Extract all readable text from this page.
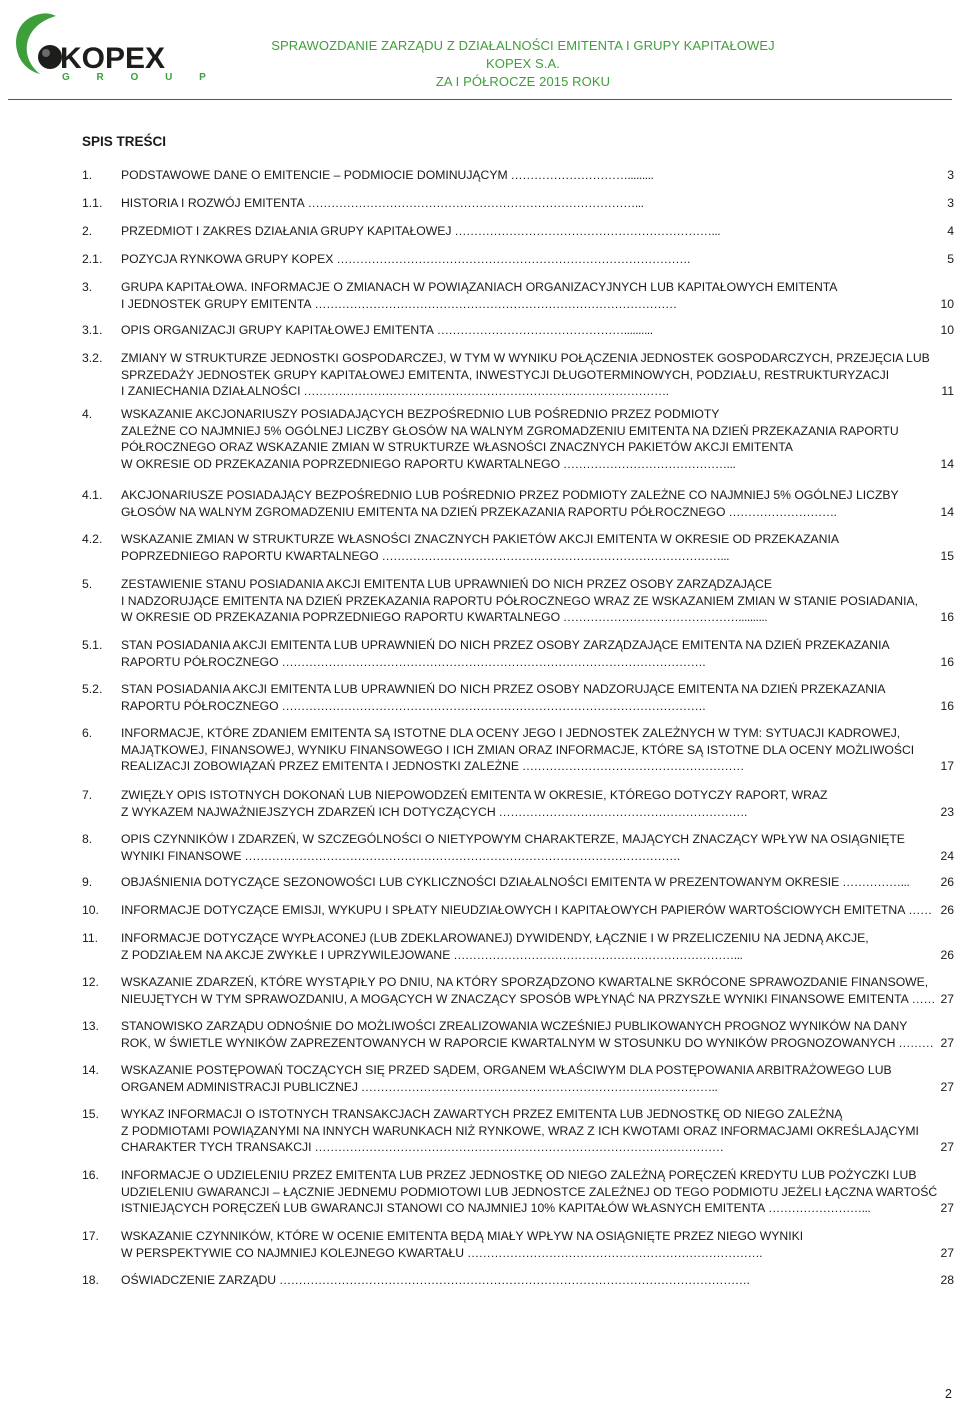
KOPEX
G R O U P
SPRAWOZDANIE ZARZĄDU Z DZIAŁALNOŚCI EMITENTA I GRUPY KAPITAŁOWEJ KOPEX S.A.
ZA I PÓŁROCZE 2015 ROKU
SPIS TREŚCI
1. PODSTAWOWE DANE O EMITENCIE – PODMIOCIE DOMINUJĄCYM ………………………….........	3
1.1. HISTORIA I ROZWÓJ EMITENTA …………………………………………………………………………...	3
2. PRZEDMIOT I ZAKRES DZIAŁANIA GRUPY KAPITAŁOWEJ …………………………………………………………...	4
2.1. POZYCJA RYNKOWA GRUPY KOPEX ……………………………………………………………………………….	5
3. GRUPA KAPITAŁOWA. INFORMACJE O ZMIANACH W POWIĄZANIACH ORGANIZACYJNYCH LUB KAPITAŁOWYCH EMITENTA
I JEDNOSTEK GRUPY EMITENTA …………………………………………………………………………………	10
3.1. OPIS ORGANIZACJI GRUPY KAPITAŁOWEJ EMITENTA …………………………………………..........	10
3.2. ZMIANY W STRUKTURZE JEDNOSTKI GOSPODARCZEJ, W TYM W WYNIKU POŁĄCZENIA JEDNOSTEK GOSPODARCZYCH, PRZEJĘCIA LUB
SPRZEDAŻY JEDNOSTEK GRUPY KAPITAŁOWEJ EMITENTA, INWESTYCJI DŁUGOTERMINOWYCH, PODZIAŁU, RESTRUKTURYZACJI
I ZANIECHANIA DZIAŁALNOŚCI ………………………………………………………………………………….	11
4. WSKAZANIE AKCJONARIUSZY POSIADAJĄCYCH BEZPOŚREDNIO LUB POŚREDNIO PRZEZ PODMIOTY
ZALEŻNE CO NAJMNIEJ 5% OGÓLNEJ LICZBY GŁOSÓW NA WALNYM ZGROMADZENIU EMITENTA NA DZIEŃ PRZEKAZANIA RAPORTU
PÓŁROCZNEGO ORAZ WSKAZANIE ZMIAN W STRUKTURZE WŁASNOŚCI ZNACZNYCH PAKIETÓW AKCJI EMITENTA
W OKRESIE OD PRZEKAZANIA POPRZEDNIEGO RAPORTU KWARTALNEGO ……………………………………...	14
4.1. AKCJONARIUSZE POSIADAJĄCY BEZPOŚREDNIO LUB POŚREDNIO PRZEZ PODMIOTY ZALEŻNE CO NAJMNIEJ 5% OGÓLNEJ LICZBY
GŁOSÓW NA WALNYM ZGROMADZENIU EMITENTA NA DZIEŃ PRZEKAZANIA RAPORTU PÓŁROCZNEGO ……………………….	14
4.2. WSKAZANIE ZMIAN W STRUKTURZE WŁASNOŚCI ZNACZNYCH PAKIETÓW AKCJI EMITENTA W OKRESIE OD PRZEKAZANIA
POPRZEDNIEGO RAPORTU KWARTALNEGO ……………………………………………………………………………...	15
5. ZESTAWIENIE STANU POSIADANIA AKCJI EMITENTA LUB UPRAWNIEŃ DO NICH PRZEZ OSOBY ZARZĄDZAJĄCE
I NADZORUJĄCE EMITENTA NA DZIEŃ PRZEKAZANIA RAPORTU PÓŁROCZNEGO WRAZ ZE WSKAZANIEM ZMIAN W STANIE POSIADANIA,
W OKRESIE OD PRZEKAZANIA POPRZEDNIEGO RAPORTU KWARTALNEGO ………………………………………..........	16
5.1. STAN POSIADANIA AKCJI EMITENTA LUB UPRAWNIEŃ DO NICH PRZEZ OSOBY ZARZĄDZAJĄCE EMITENTA NA DZIEŃ PRZEKAZANIA
RAPORTU PÓŁROCZNEGO ……………………………………………………………………………………………….	16
5.2. STAN POSIADANIA AKCJI EMITENTA LUB UPRAWNIEŃ DO NICH PRZEZ OSOBY NADZORUJĄCE EMITENTA NA DZIEŃ PRZEKAZANIA
RAPORTU PÓŁROCZNEGO ……………………………………………………………………………………………….	16
6. INFORMACJE, KTÓRE ZDANIEM EMITENTA SĄ ISTOTNE DLA OCENY JEGO I JEDNOSTEK ZALEŻNYCH W TYM: SYTUACJI KADROWEJ,
MAJĄTKOWEJ, FINANSOWEJ, WYNIKU FINANSOWEGO I ICH ZMIAN ORAZ INFORMACJE, KTÓRE SĄ ISTOTNE DLA OCENY MOŻLIWOŚCI
REALIZACJI ZOBOWIĄZAŃ PRZEZ EMITENTA I JEDNOSTKI ZALEŻNE …………………………………………………	17
7. ZWIĘZŁY OPIS ISTOTNYCH DOKONAŃ LUB NIEPOWODZEŃ EMITENTA W OKRESIE, KTÓREGO DOTYCZY RAPORT, WRAZ
Z WYKAZEM NAJWAŻNIEJSZYCH ZDARZEŃ ICH DOTYCZĄCYCH ……………………………………………………….	23
8. OPIS CZYNNIKÓW I ZDARZEŃ, W SZCZEGÓLNOŚCI O NIETYPOWYM CHARAKTERZE, MAJĄCYCH ZNACZĄCY WPŁYW NA OSIĄGNIĘTE
WYNIKI FINANSOWE ………………………………………………………………………………………………….	24
9. OBJAŚNIENIA DOTYCZĄCE SEZONOWOŚCI LUB CYKLICZNOŚCI DZIAŁALNOŚCI EMITENTA W PREZENTOWANYM OKRESIE ……………...	26
10. INFORMACJE DOTYCZĄCE EMISJI, WYKUPU I SPŁATY NIEUDZIAŁOWYCH I KAPITAŁOWYCH PAPIERÓW WARTOŚCIOWYCH EMITETNA …… 26
11. INFORMACJE DOTYCZĄCE WYPŁACONEJ (LUB ZDEKLAROWANEJ) DYWIDENDY, ŁĄCZNIE I W PRZELICZENIU NA JEDNĄ AKCJE,
Z PODZIAŁEM NA AKCJE ZWYKŁE I UPRZYWILEJOWANE ………………………………………………………………...	26
12. WSKAZANIE ZDARZEŃ, KTÓRE WYSTĄPIŁY PO DNIU, NA KTÓRY SPORZĄDZONO KWARTALNE SKRÓCONE SPRAWOZDANIE FINANSOWE,
NIEUJĘTYCH W TYM SPRAWOZDANIU, A MOGĄCYCH W ZNACZĄCY SPOSÓB WPŁYNĄĆ NA PRZYSZŁE WYNIKI FINANSOWE EMITENTA …… 27
13. STANOWISKO ZARZĄDU ODNOŚNIE DO MOŻLIWOŚCI ZREALIZOWANIA WCZEŚNIEJ PUBLIKOWANYCH PROGNOZ WYNIKÓW NA DANY
ROK, W ŚWIETLE WYNIKÓW ZAPREZENTOWANYCH W RAPORCIE KWARTALNYM W STOSUNKU DO WYNIKÓW PROGNOZOWANYCH ……… 27
14. WSKAZANIE POSTĘPOWAŃ TOCZĄCYCH SIĘ PRZED SĄDEM, ORGANEM WŁAŚCIWYM DLA POSTĘPOWANIA ARBITRAŻOWEGO LUB
ORGANEM ADMINISTRACJI PUBLICZNEJ ………………………………………………………………………………..	27
15. WYKAZ INFORMACJI O ISTOTNYCH TRANSAKCJACH ZAWARTYCH PRZEZ EMITENTA LUB JEDNOSTKĘ OD NIEGO ZALEŻNĄ
Z PODMIOTAMI POWIĄZANYMI NA INNYCH WARUNKACH NIŻ RYNKOWE, WRAZ Z ICH KWOTAMI ORAZ INFORMACJAMI OKREŚLAJĄCYMI
CHARAKTER TYCH TRANSAKCJI ……………………………………………………………………………………………	27
16. INFORMACJE O UDZIELENIU PRZEZ EMITENTA LUB PRZEZ JEDNOSTKĘ OD NIEGO ZALEŻNĄ PORĘCZEŃ KREDYTU LUB POŻYCZKI LUB
UDZIELENIU GWARANCJI – ŁĄCZNIE JEDNEMU PODMIOTOWI LUB JEDNOSTCE ZALEŻNEJ OD TEGO PODMIOTU JEŻELI ŁĄCZNA WARTOŚĆ
ISTNIEJĄCYCH PORĘCZEŃ LUB GWARANCJI STANOWI CO NAJMNIEJ 10% KAPITAŁÓW WŁASNYCH EMITENTA ……………………...	27
17. WSKAZANIE CZYNNIKÓW, KTÓRE W OCENIE EMITENTA BĘDĄ MIAŁY WPŁYW NA OSIĄGNIĘTE PRZEZ NIEGO WYNIKI
W PERSPEKTYWIE CO NAJMNIEJ KOLEJNEGO KWARTAŁU ………………………………………………………………….	27
18. OŚWIADCZENIE ZARZĄDU ………………………………………………………………………………………………………….	28
2
